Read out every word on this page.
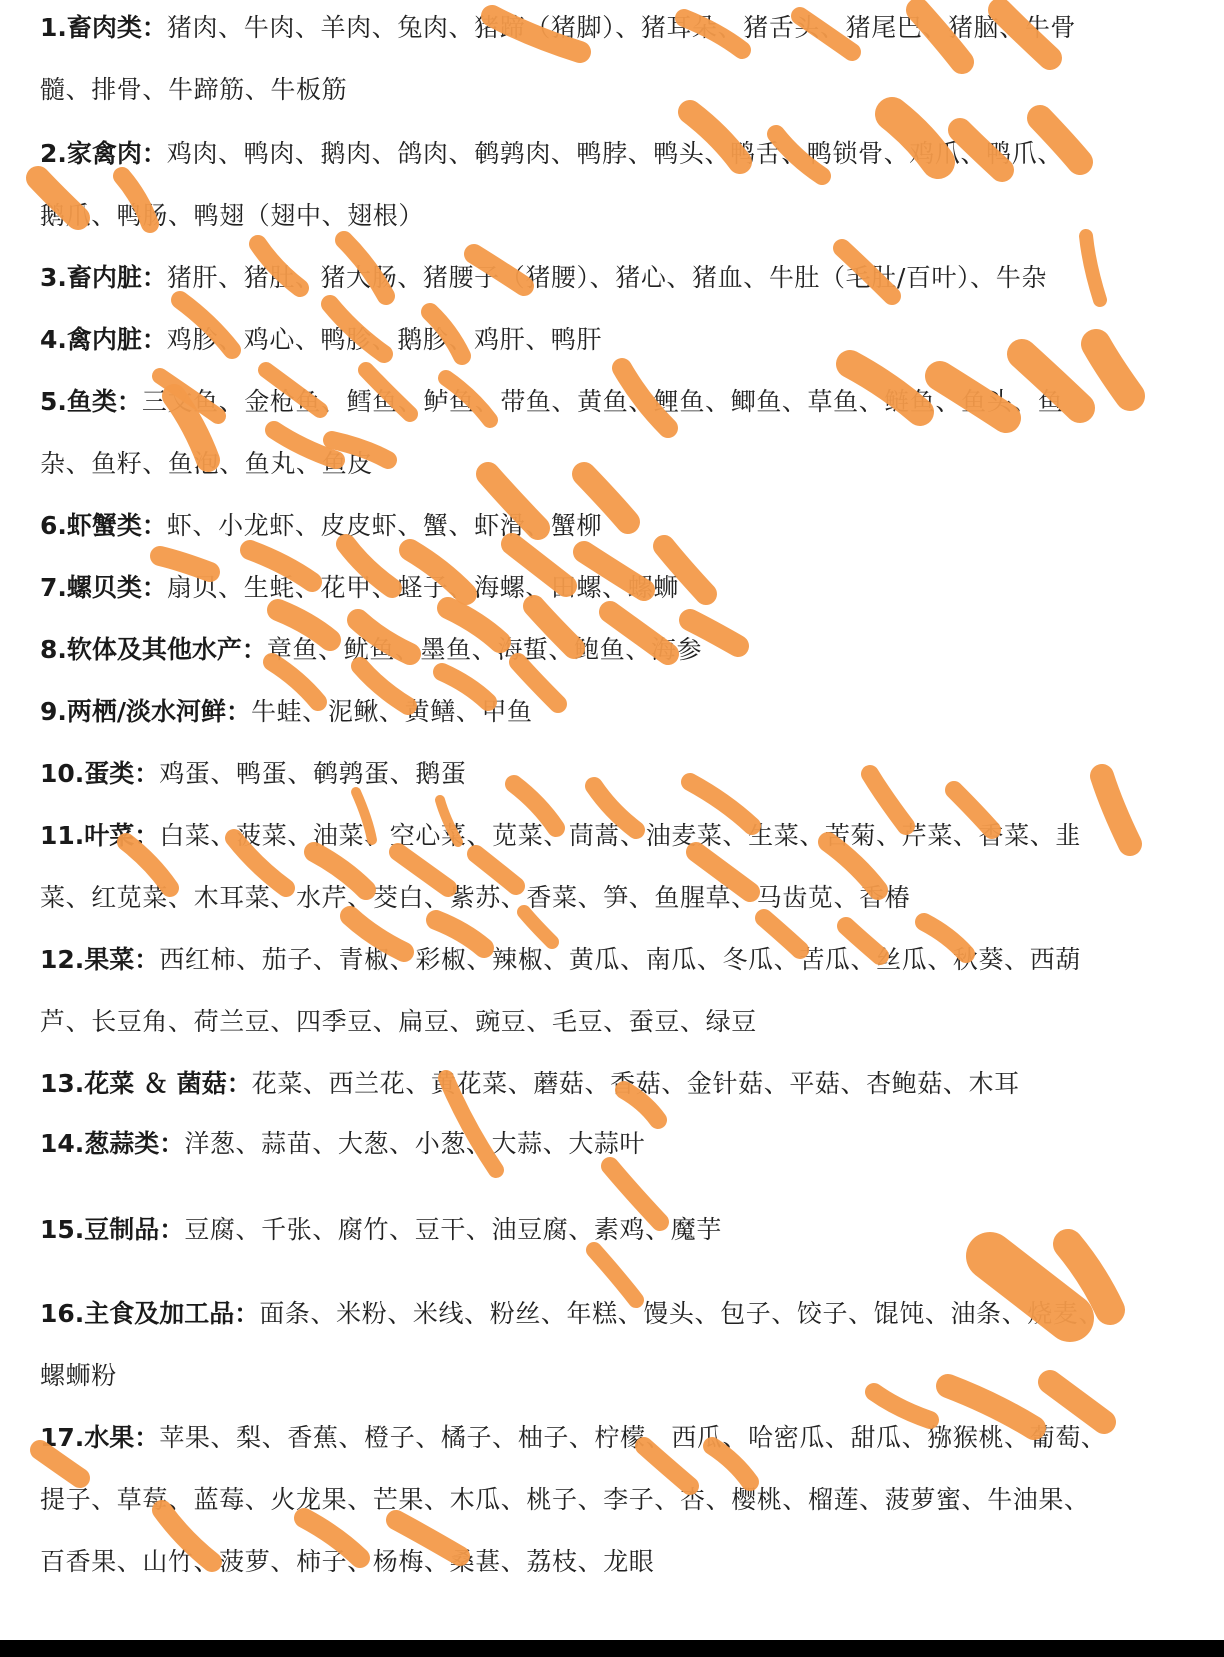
1.畜肉类：猪肉、牛肉、羊肉、兔肉、猪蹄（猪脚）、猪耳朵、猪舌头、猪尾巴、猪脑、牛骨
髓、排骨、牛蹄筋、牛板筋
2.家禽肉：鸡肉、鸭肉、鹅肉、鸽肉、鹌鹑肉、鸭脖、鸭头、鸭舌、鸭锁骨、鸡爪、鸭爪、
鹅爪、鸭肠、鸭翅（翅中、翅根）
3.畜内脏：猪肝、猪肚、猪大肠、猪腰子（猪腰）、猪心、猪血、牛肚（毛肚/百叶）、牛杂
4.禽内脏：鸡胗、鸡心、鸭胗、鹅胗、鸡肝、鸭肝
5.鱼类：三文鱼、金枪鱼、鳕鱼、鲈鱼、带鱼、黄鱼、鲤鱼、鲫鱼、草鱼、鲢鱼、鱼头、鱼
杂、鱼籽、鱼泡、鱼丸、鱼皮
6.虾蟹类：虾、小龙虾、皮皮虾、蟹、虾滑、蟹柳
7.螺贝类：扇贝、生蚝、花甲、蛏子、海螺、田螺、螺蛳
8.软体及其他水产：章鱼、鱿鱼、墨鱼、海蜇、鲍鱼、海参
9.两栖/淡水河鲜：牛蛙、泥鳅、黄鳝、甲鱼
10.蛋类：鸡蛋、鸭蛋、鹌鹑蛋、鹅蛋
11.叶菜：白菜、菠菜、油菜、空心菜、苋菜、茼蒿、油麦菜、生菜、苦菊、芹菜、香菜、韭
菜、红苋菜、木耳菜、水芹、茭白、紫苏、香菜、笋、鱼腥草、马齿苋、香椿
12.果菜：西红柿、茄子、青椒、彩椒、辣椒、黄瓜、南瓜、冬瓜、苦瓜、丝瓜、秋葵、西葫
芦、长豆角、荷兰豆、四季豆、扁豆、豌豆、毛豆、蚕豆、绿豆
13.花菜 ＆ 菌菇：花菜、西兰花、黄花菜、蘑菇、香菇、金针菇、平菇、杏鲍菇、木耳
14.葱蒜类：洋葱、蒜苗、大葱、小葱、大蒜、大蒜叶
15.豆制品：豆腐、千张、腐竹、豆干、油豆腐、素鸡、魔芋
16.主食及加工品：面条、米粉、米线、粉丝、年糕、馒头、包子、饺子、馄饨、油条、烧麦、
螺蛳粉
17.水果：苹果、梨、香蕉、橙子、橘子、柚子、柠檬、西瓜、哈密瓜、甜瓜、猕猴桃、葡萄、
提子、草莓、蓝莓、火龙果、芒果、木瓜、桃子、李子、杏、樱桃、榴莲、菠萝蜜、牛油果、
百香果、山竹、菠萝、柿子、杨梅、桑葚、荔枝、龙眼
